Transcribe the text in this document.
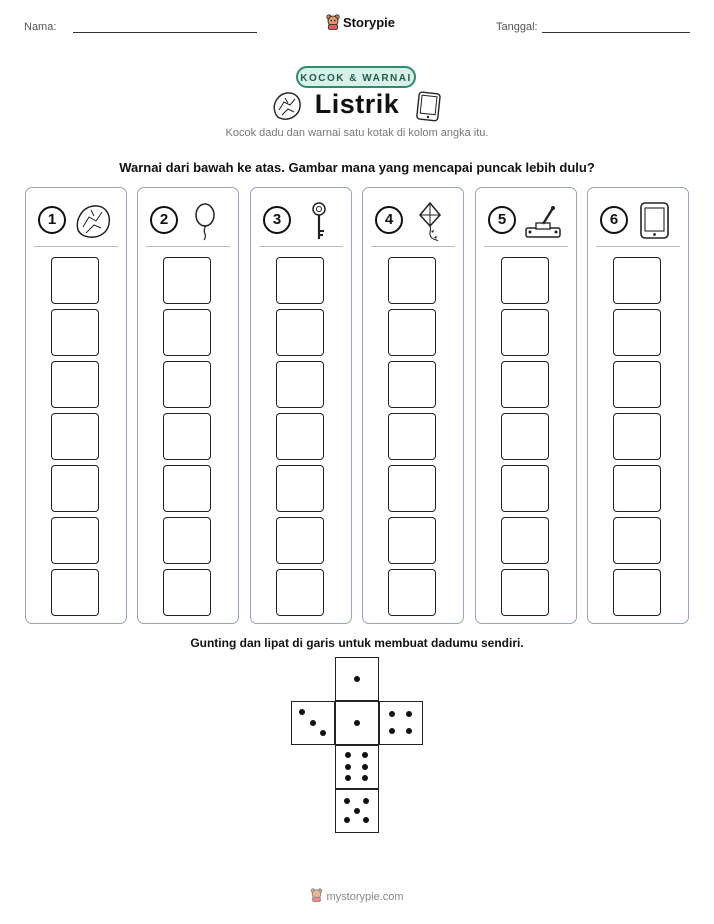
Nama:	Storypie	Tanggal:
KOCOK & WARNAI
Listrik
Kocok dadu dan warnai satu kotak di kolom angka itu.
Warnai dari bawah ke atas. Gambar mana yang mencapai puncak lebih dulu?
1	2	3	4	5	6
Gunting dan lipat di garis untuk membuat dadumu sendiri.
mystorypie.com
